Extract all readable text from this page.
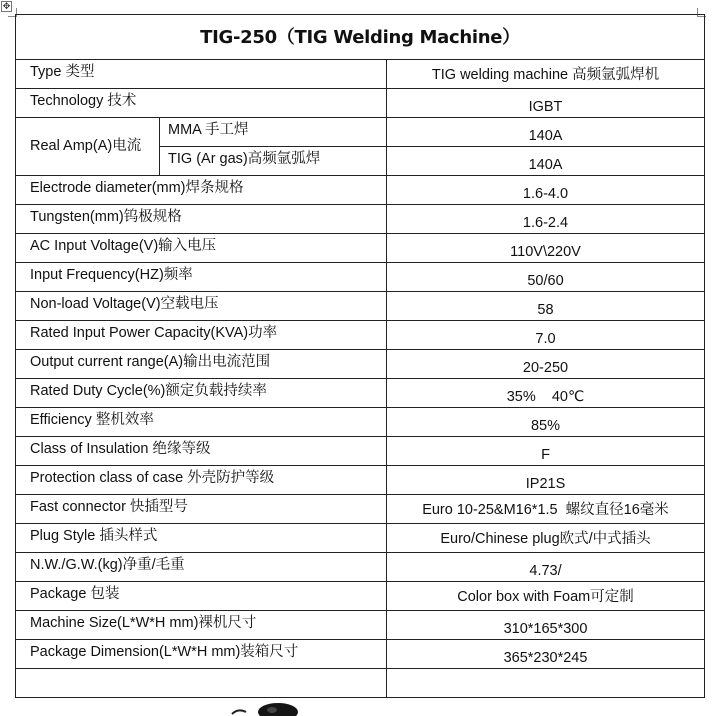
✥
TIG-250（TIG Welding Machine）		
Type 类型		TIG welding machine 高频氩弧焊机
Technology 技术		IGBT
Real Amp(A)电流	MMA 手工焊	140A
	TIG (Ar gas)高频氩弧焊	140A
Electrode diameter(mm)焊条规格		1.6-4.0
Tungsten(mm)钨极规格		1.6-2.4
AC Input Voltage(V)输入电压		110V\220V
Input Frequency(HZ)频率		50/60
Non-load Voltage(V)空载电压		58
Rated Input Power Capacity(KVA)功率		7.0
Output current range(A)输出电流范围		20-250
Rated Duty Cycle(%)额定负载持续率		35%    40℃
Efficiency 整机效率		85%
Class of Insulation 绝缘等级		F
Protection class of case 外壳防护等级		IP21S
Fast connector 快插型号		Euro 10-25&M16*1.5  螺纹直径16毫米
Plug Style 插头样式		Euro/Chinese plug欧式/中式插头
N.W./G.W.(kg)净重/毛重		4.73/
Package 包装		Color box with Foam可定制
Machine Size(L*W*H mm)裸机尺寸		310*165*300
Package Dimension(L*W*H mm)装箱尺寸		365*230*245
